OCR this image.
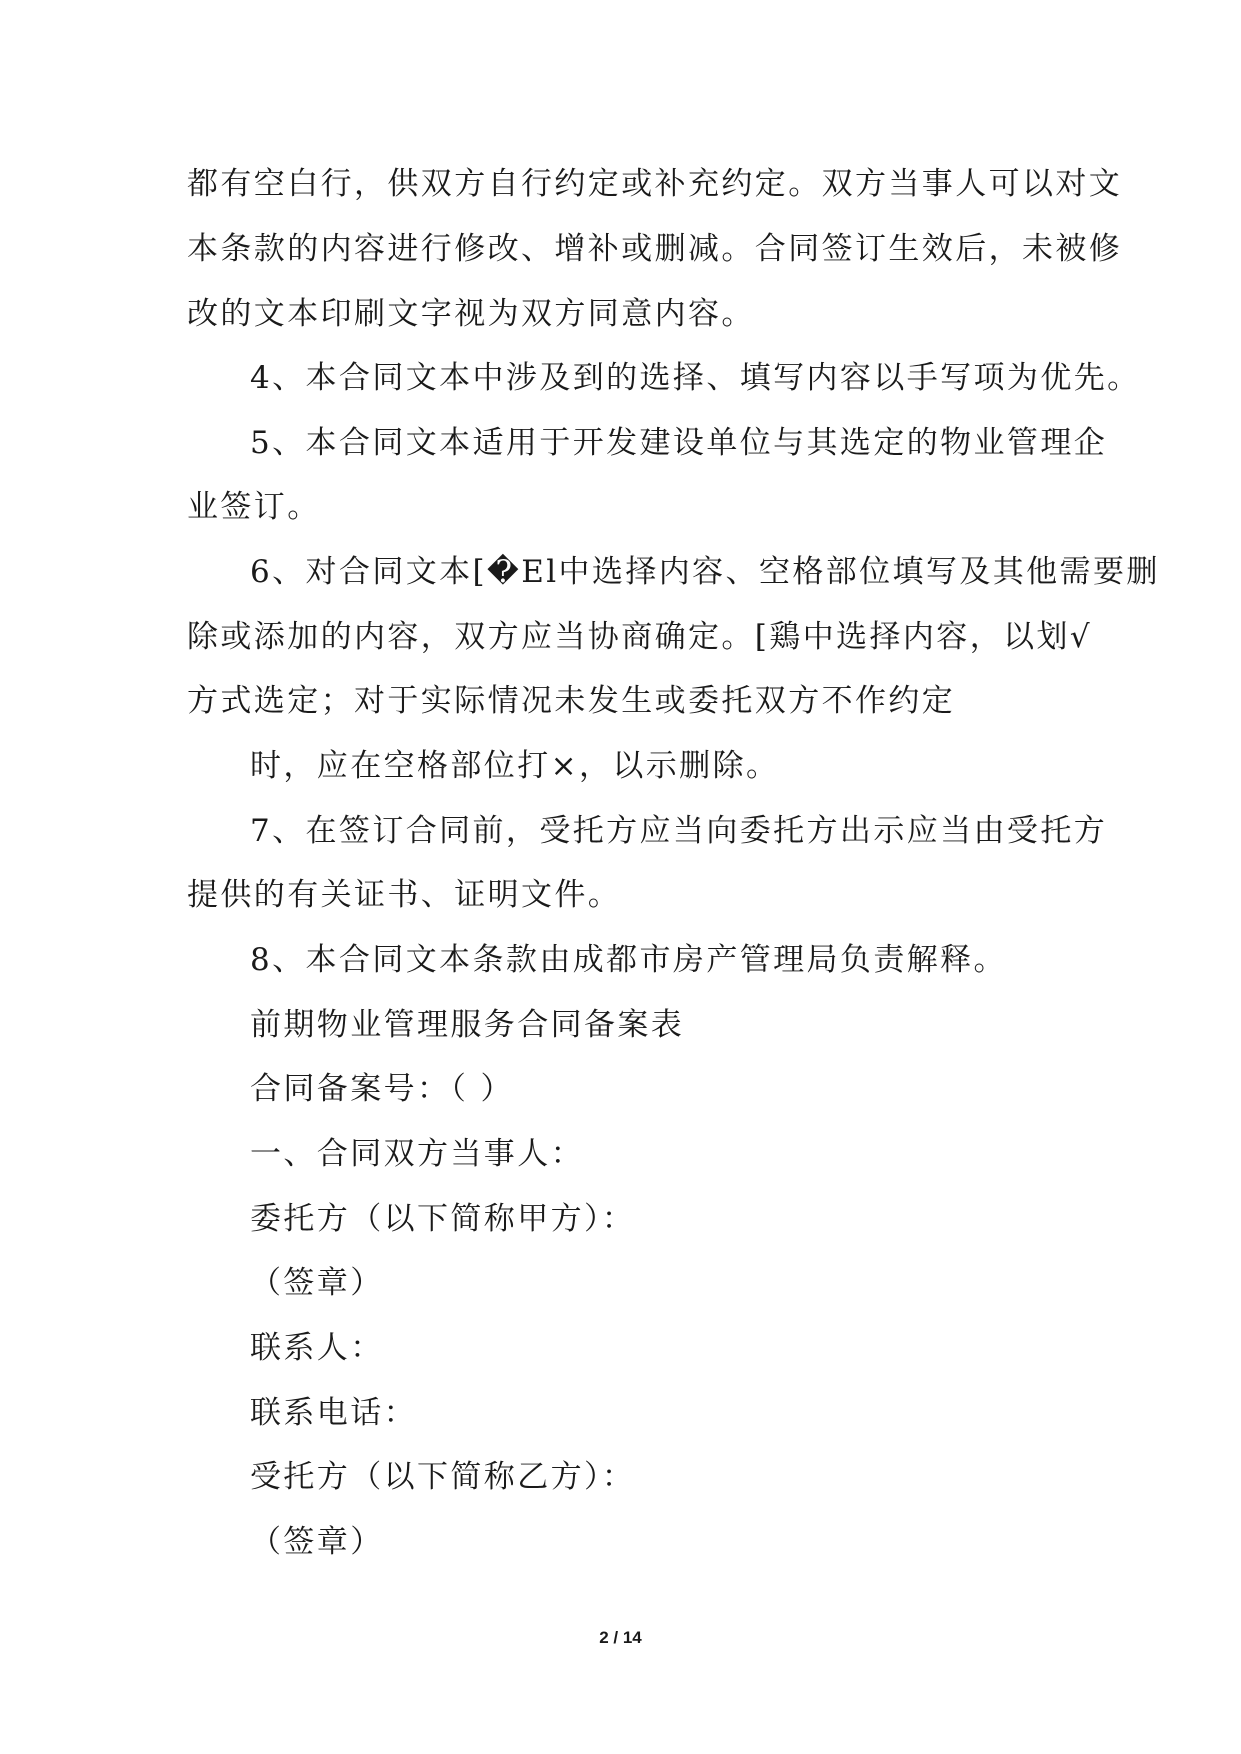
都有空白行，供双方自行约定或补充约定。双方当事人可以对文
本条款的内容进行修改、增补或删减。合同签订生效后，未被修
改的文本印刷文字视为双方同意内容。
4、本合同文本中涉及到的选择、填写内容以手写项为优先。
5、本合同文本适用于开发建设单位与其选定的物业管理企
业签订。
6、对合同文本[�El中选择内容、空格部位填写及其他需要删
除或添加的内容，双方应当协商确定。[鶏中选择内容，以划√
方式选定；对于实际情况未发生或委托双方不作约定
时，应在空格部位打×，以示删除。
7、在签订合同前，受托方应当向委托方出示应当由受托方
提供的有关证书、证明文件。
8、本合同文本条款由成都市房产管理局负责解释。
前期物业管理服务合同备案表
合同备案号：（ ）
一、合同双方当事人：
委托方（以下简称甲方）：
（签章）
联系人：
联系电话：
受托方（以下简称乙方）：
（签章）
2 / 14
